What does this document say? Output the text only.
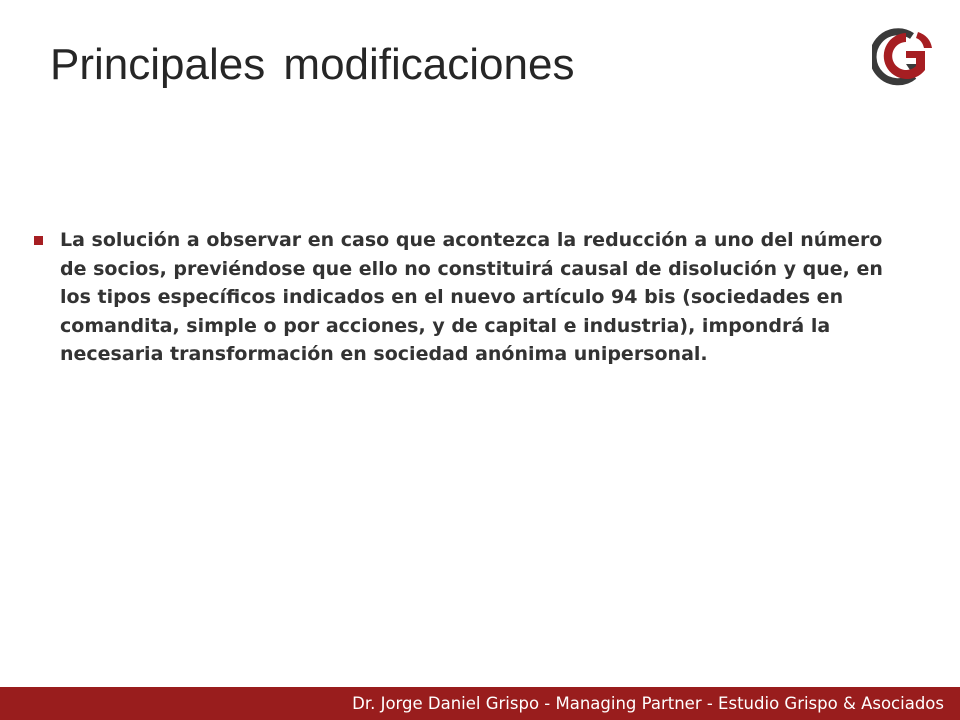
Principales modificaciones
La solución a observar en caso que acontezca la reducción a uno del número de socios, previéndose que ello no constituirá causal de disolución y que, en los tipos específicos indicados en el nuevo artículo 94 bis (sociedades en comandita, simple o por acciones, y de capital e industria), impondrá la necesaria transformación en sociedad anónima unipersonal.
Dr. Jorge Daniel Grispo - Managing Partner - Estudio Grispo & Asociados
